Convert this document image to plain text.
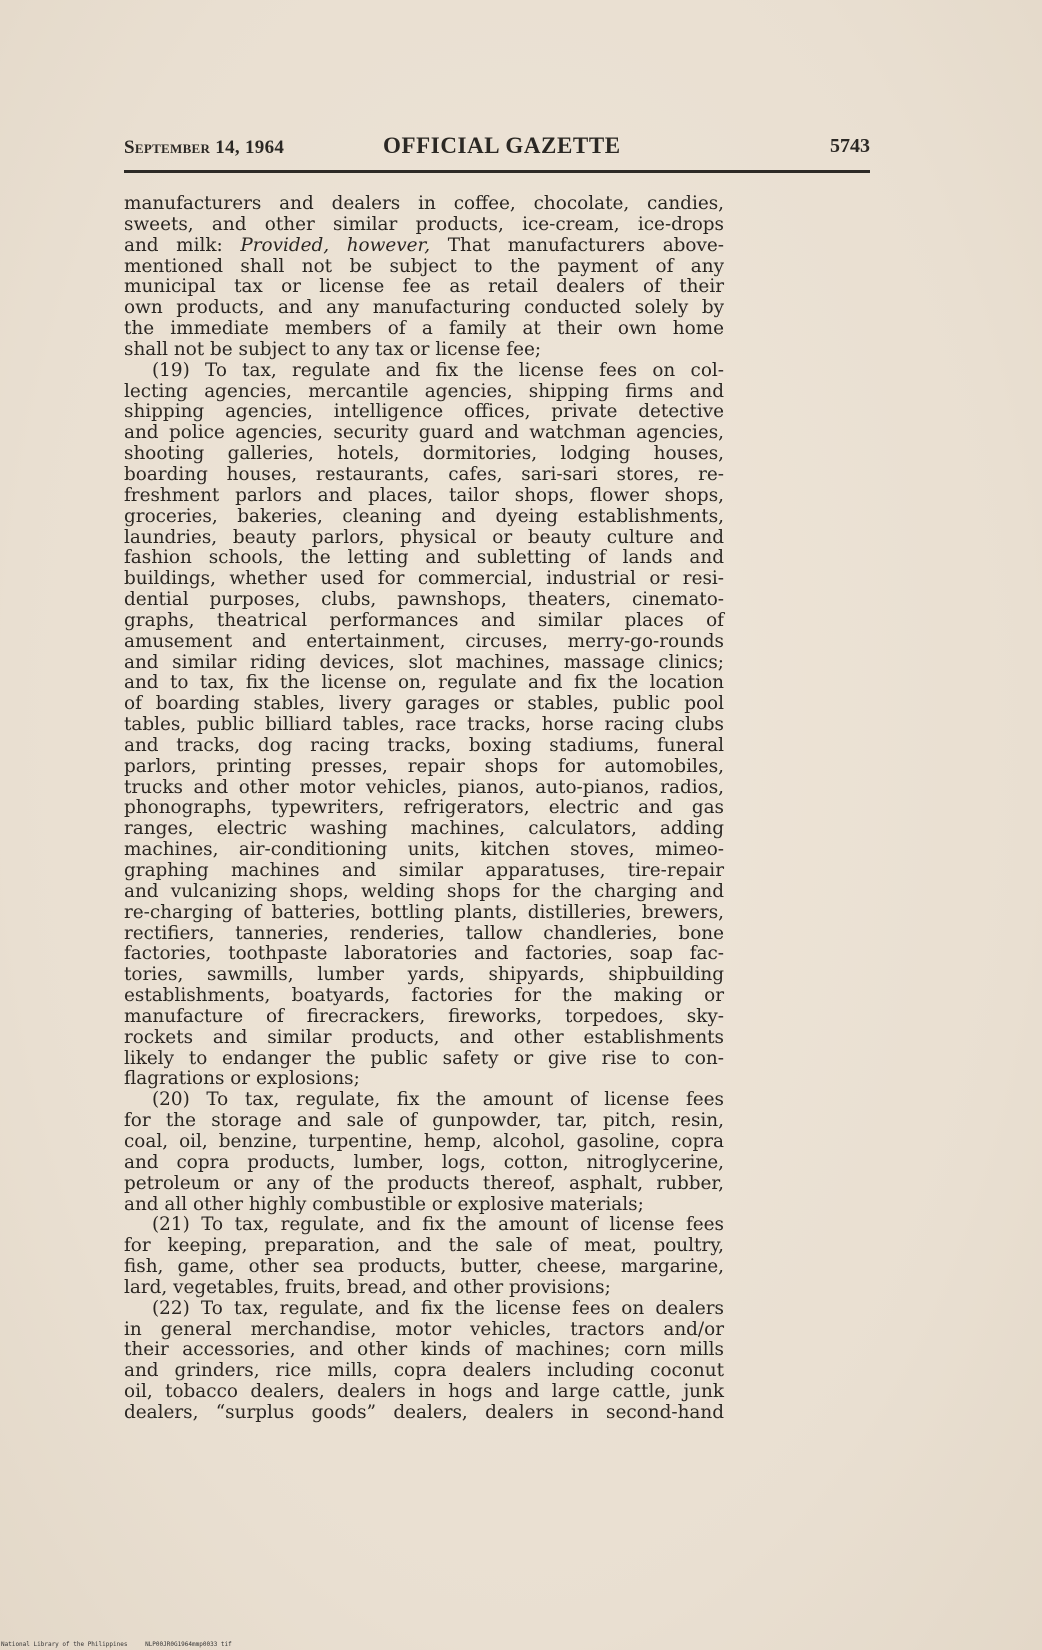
September 14, 1964	OFFICIAL GAZETTE	5743

manufacturers and dealers in coffee, chocolate, candies,
sweets, and other similar products, ice-cream, ice-drops
and milk: Provided, however, That manufacturers above-
mentioned shall not be subject to the payment of any
municipal tax or license fee as retail dealers of their
own products, and any manufacturing conducted solely by
the immediate members of a family at their own home
shall not be subject to any tax or license fee;

(19) To tax, regulate and fix the license fees on col-
lecting agencies, mercantile agencies, shipping firms and
shipping agencies, intelligence offices, private detective
and police agencies, security guard and watchman agencies,
shooting galleries, hotels, dormitories, lodging houses,
boarding houses, restaurants, cafes, sari-sari stores, re-
freshment parlors and places, tailor shops, flower shops,
groceries, bakeries, cleaning and dyeing establishments,
laundries, beauty parlors, physical or beauty culture and
fashion schools, the letting and subletting of lands and
buildings, whether used for commercial, industrial or resi-
dential purposes, clubs, pawnshops, theaters, cinemato-
graphs, theatrical performances and similar places of
amusement and entertainment, circuses, merry-go-rounds
and similar riding devices, slot machines, massage clinics;
and to tax, fix the license on, regulate and fix the location
of boarding stables, livery garages or stables, public pool
tables, public billiard tables, race tracks, horse racing clubs
and tracks, dog racing tracks, boxing stadiums, funeral
parlors, printing presses, repair shops for automobiles,
trucks and other motor vehicles, pianos, auto-pianos, radios,
phonographs, typewriters, refrigerators, electric and gas
ranges, electric washing machines, calculators, adding
machines, air-conditioning units, kitchen stoves, mimeo-
graphing machines and similar apparatuses, tire-repair
and vulcanizing shops, welding shops for the charging and
re-charging of batteries, bottling plants, distilleries, brewers,
rectifiers, tanneries, renderies, tallow chandleries, bone
factories, toothpaste laboratories and factories, soap fac-
tories, sawmills, lumber yards, shipyards, shipbuilding
establishments, boatyards, factories for the making or
manufacture of firecrackers, fireworks, torpedoes, sky-
rockets and similar products, and other establishments
likely to endanger the public safety or give rise to con-
flagrations or explosions;

(20) To tax, regulate, fix the amount of license fees
for the storage and sale of gunpowder, tar, pitch, resin,
coal, oil, benzine, turpentine, hemp, alcohol, gasoline, copra
and copra products, lumber, logs, cotton, nitroglycerine,
petroleum or any of the products thereof, asphalt, rubber,
and all other highly combustible or explosive materials;

(21) To tax, regulate, and fix the amount of license fees
for keeping, preparation, and the sale of meat, poultry,
fish, game, other sea products, butter, cheese, margarine,
lard, vegetables, fruits, bread, and other provisions;

(22) To tax, regulate, and fix the license fees on dealers
in general merchandise, motor vehicles, tractors and/or
their accessories, and other kinds of machines; corn mills
and grinders, rice mills, copra dealers including coconut
oil, tobacco dealers, dealers in hogs and large cattle, junk
dealers, “surplus goods” dealers, dealers in second-hand

National Library of the Philippines	NLP00JR0G1964mmp0033 tif
